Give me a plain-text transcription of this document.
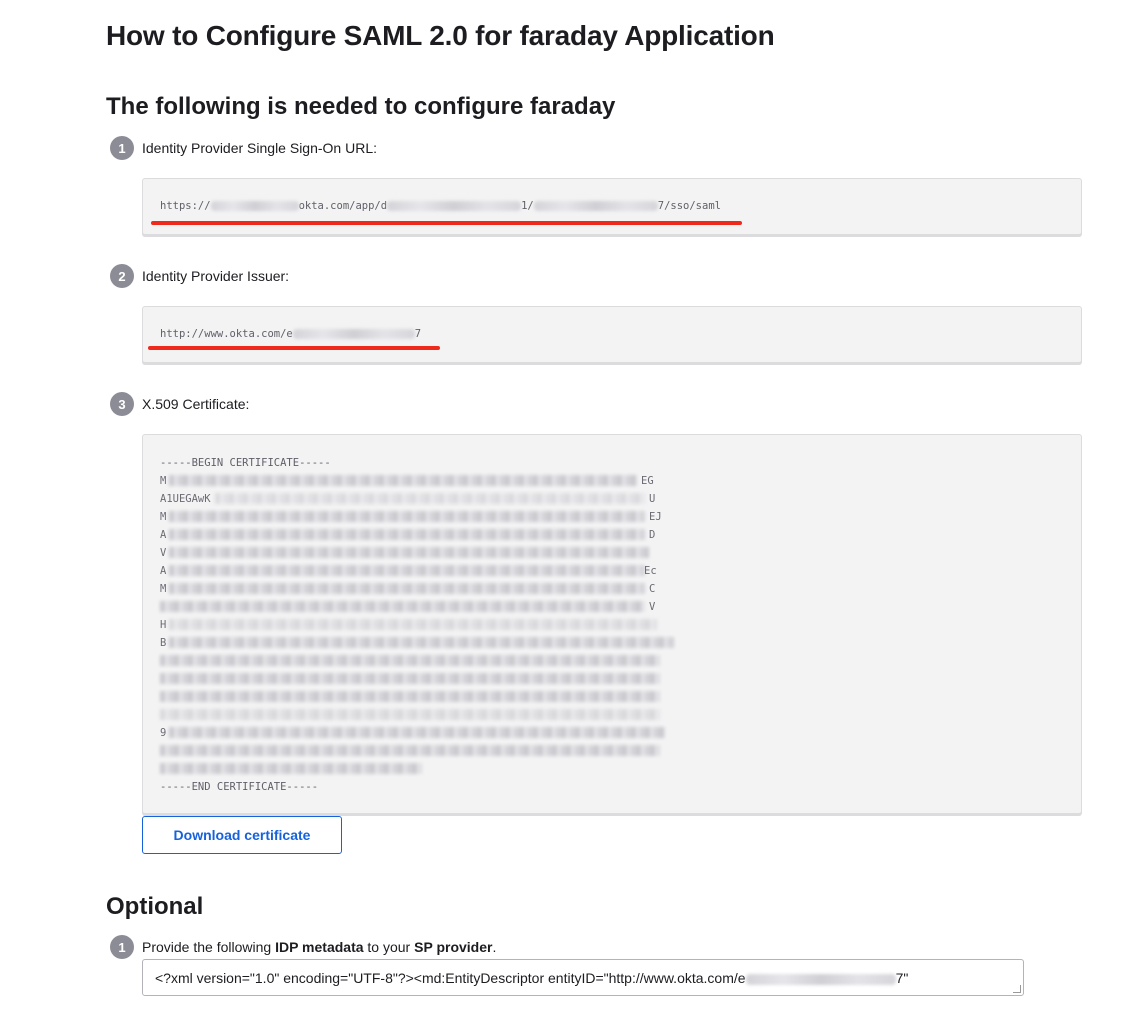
How to Configure SAML 2.0 for faraday Application
The following is needed to configure faraday
1	Identity Provider Single Sign-On URL:
https://	okta.com/app/d	1/	7/sso/saml
2	Identity Provider Issuer:
http://www.okta.com/e	7
3	X.509 Certificate:
-----BEGIN CERTIFICATE-----
M	EG
A1UEGAwK	U
M	EJ
A	D
V
A	Ec
M	C
V
H
B
9
-----END CERTIFICATE-----
Download certificate
Optional
1	Provide the following IDP metadata to your SP provider.
<?xml version="1.0" encoding="UTF-8"?><md:EntityDescriptor entityID="http://www.okta.com/e	7"
